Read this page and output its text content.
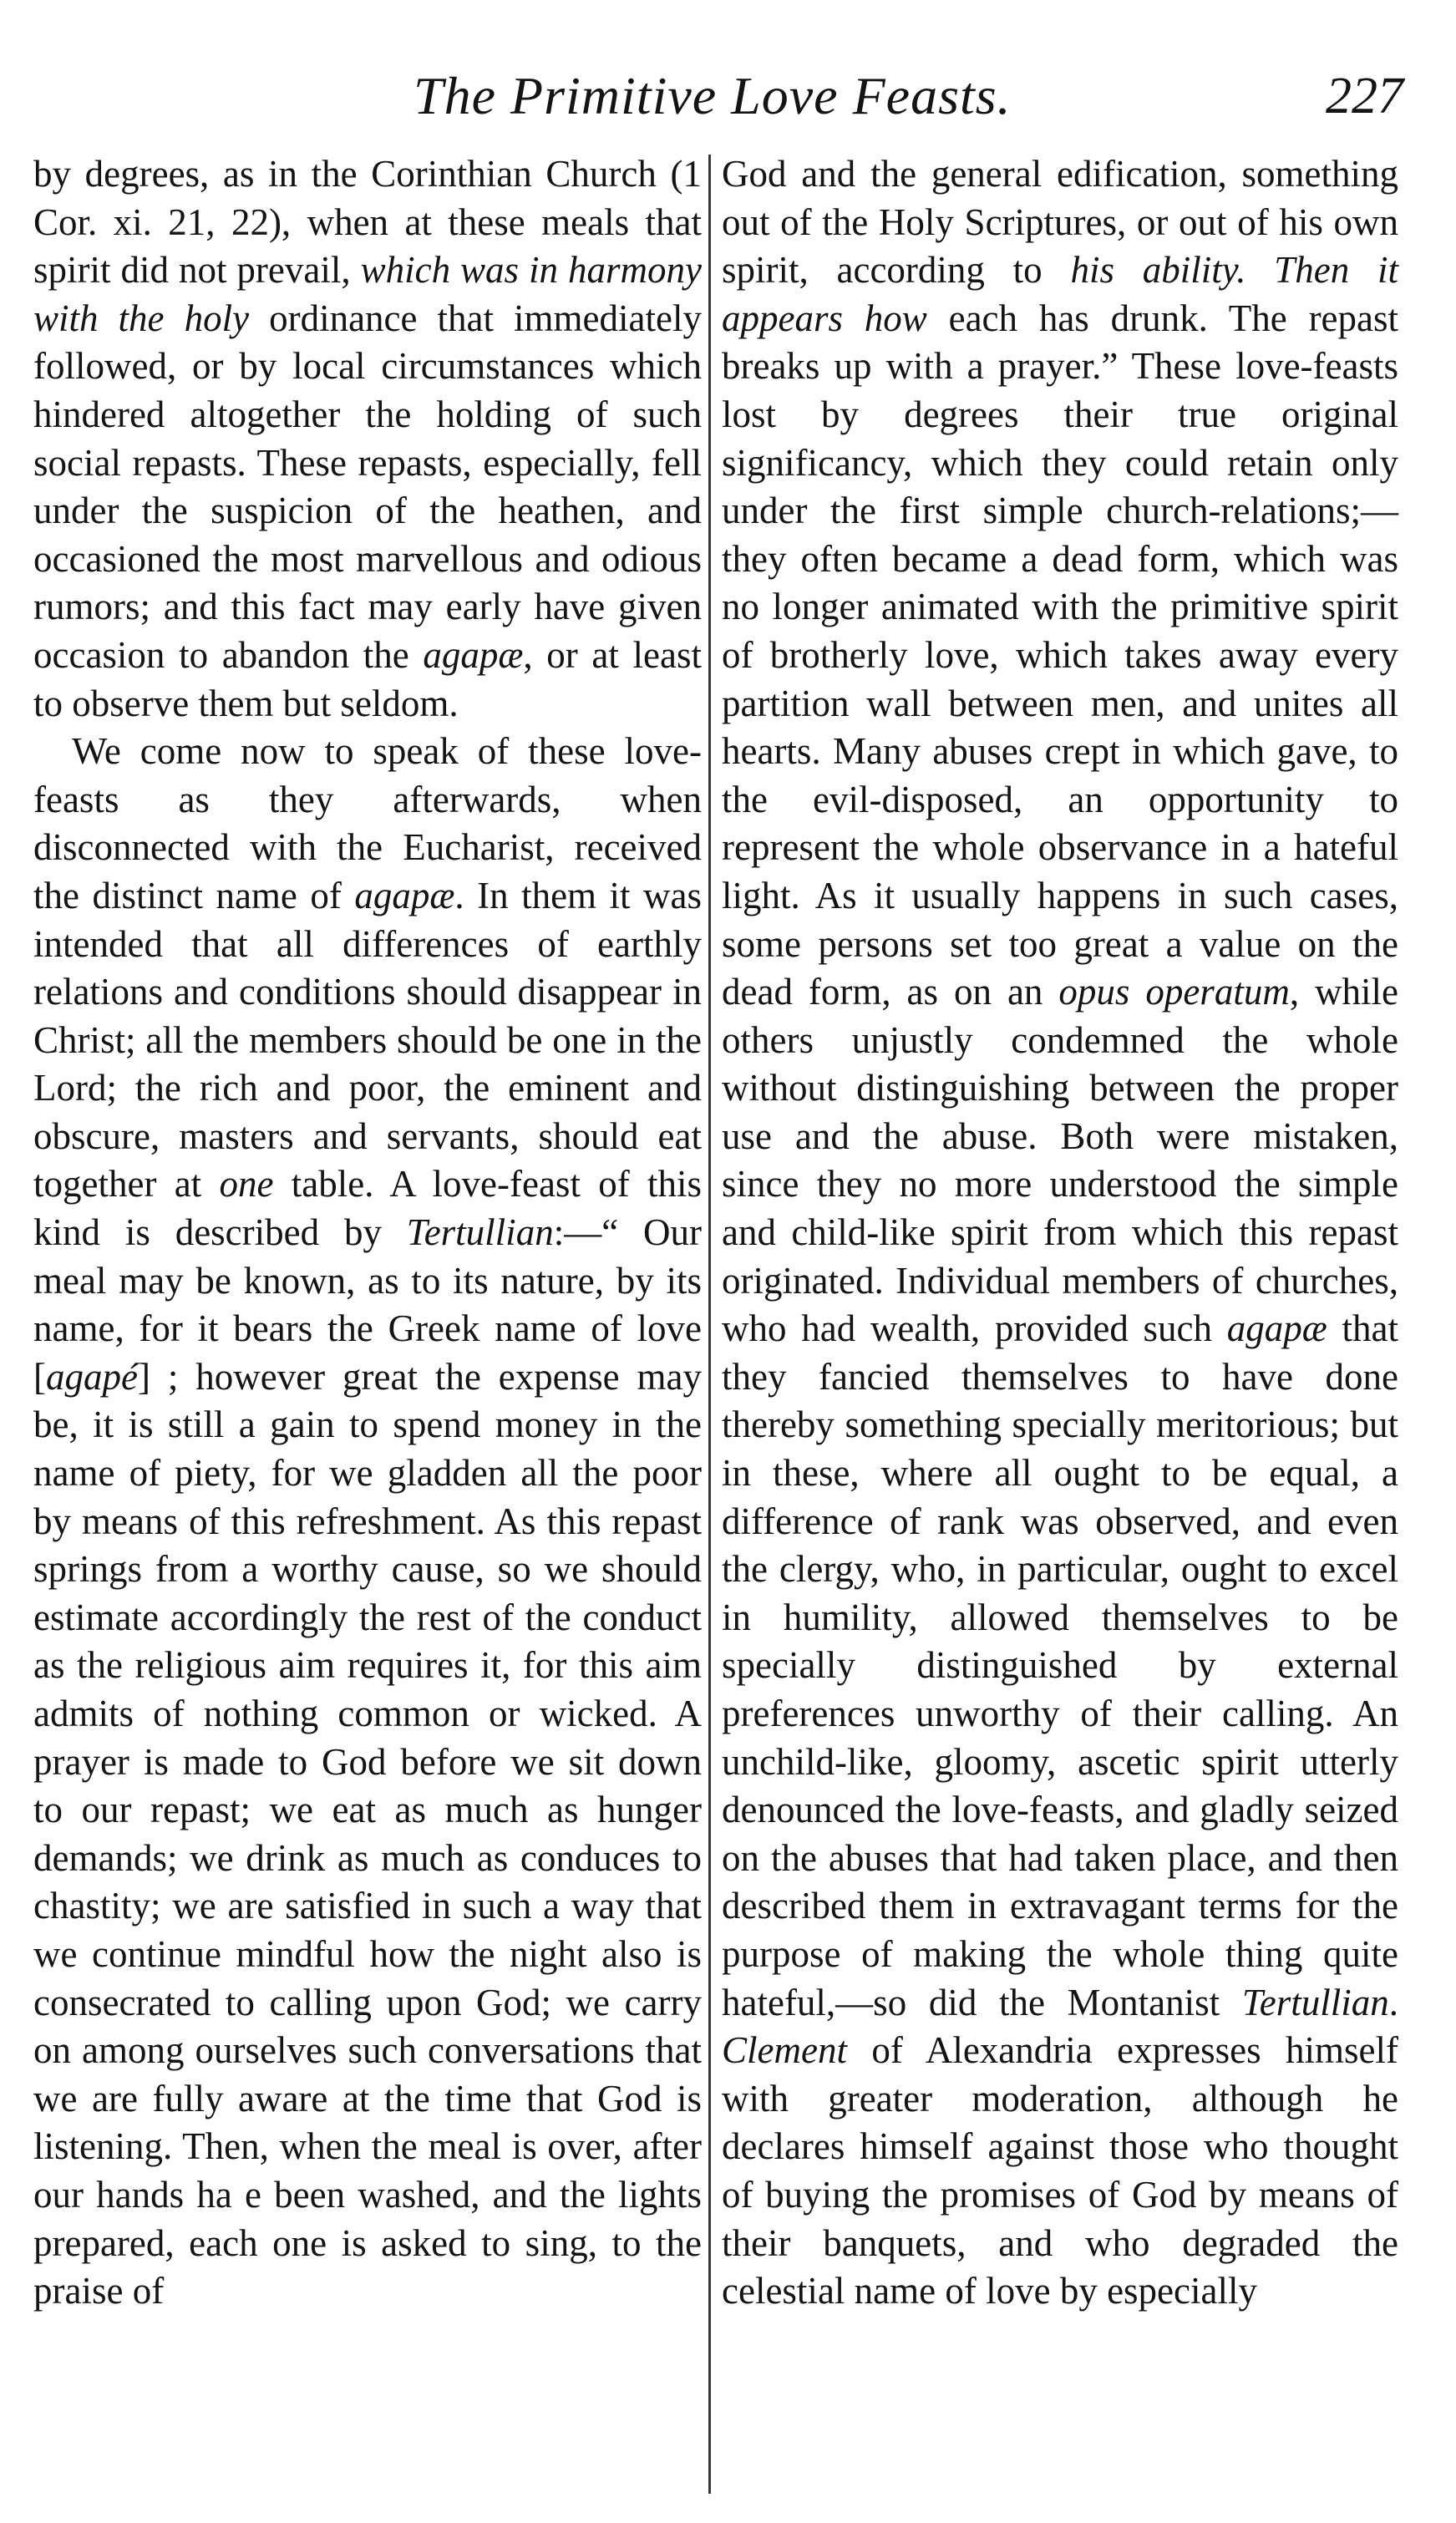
The Primitive Love Feasts.	227

by degrees, as in the Corinthian Church (1 Cor. xi. 21, 22), when at these meals that spirit did not prevail, which was in harmony with the holy ordinance that immediately followed, or by local circumstances which hindered altogether the holding of such social repasts. These repasts, especially, fell under the suspicion of the heathen, and occasioned the most marvellous and odious rumors; and this fact may early have given occasion to abandon the agapæ, or at least to observe them but seldom.

We come now to speak of these love-feasts as they afterwards, when disconnected with the Eucharist, received the distinct name of agapæ. In them it was intended that all differences of earthly relations and conditions should disappear in Christ; all the members should be one in the Lord; the rich and poor, the eminent and obscure, masters and servants, should eat together at one table. A love-feast of this kind is described by Tertullian:—“ Our meal may be known, as to its nature, by its name, for it bears the Greek name of love [agapé] ; however great the expense may be, it is still a gain to spend money in the name of piety, for we gladden all the poor by means of this refreshment. As this repast springs from a worthy cause, so we should estimate accordingly the rest of the conduct as the religious aim requires it, for this aim admits of nothing common or wicked. A prayer is made to God before we sit down to our repast; we eat as much as hunger demands; we drink as much as conduces to chastity; we are satisfied in such a way that we continue mindful how the night also is consecrated to calling upon God; we carry on among ourselves such conversations that we are fully aware at the time that God is listening. Then, when the meal is over, after our hands ha e been washed, and the lights prepared, each one is asked to sing, to the praise of

God and the general edification, something out of the Holy Scriptures, or out of his own spirit, according to his ability. Then it appears how each has drunk. The repast breaks up with a prayer.” These love-feasts lost by degrees their true original significancy, which they could retain only under the first simple church-relations;—they often became a dead form, which was no longer animated with the primitive spirit of brotherly love, which takes away every partition wall between men, and unites all hearts. Many abuses crept in which gave, to the evil-disposed, an opportunity to represent the whole observance in a hateful light. As it usually happens in such cases, some persons set too great a value on the dead form, as on an opus operatum, while others unjustly condemned the whole without distinguishing between the proper use and the abuse. Both were mistaken, since they no more understood the simple and child-like spirit from which this repast originated. Individual members of churches, who had wealth, provided such agapæ that they fancied themselves to have done thereby something specially meritorious; but in these, where all ought to be equal, a difference of rank was observed, and even the clergy, who, in particular, ought to excel in humility, allowed themselves to be specially distinguished by external preferences unworthy of their calling. An unchild-like, gloomy, ascetic spirit utterly denounced the love-feasts, and gladly seized on the abuses that had taken place, and then described them in extravagant terms for the purpose of making the whole thing quite hateful,—so did the Montanist Tertullian. Clement of Alexandria expresses himself with greater moderation, although he declares himself against those who thought of buying the promises of God by means of their banquets, and who degraded the celestial name of love by especially
